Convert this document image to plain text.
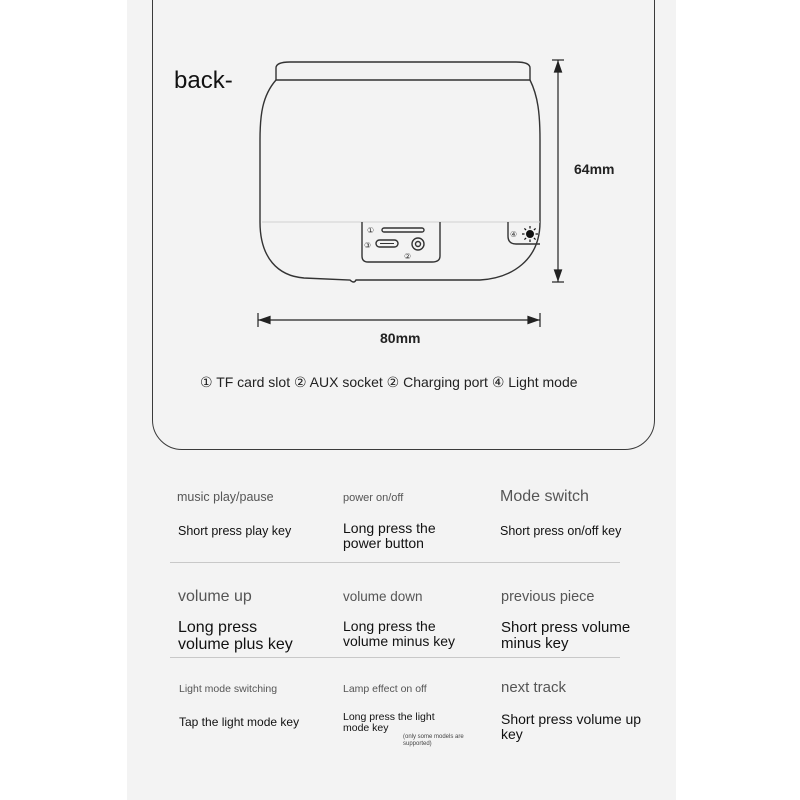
①
③
②
④
back-
64mm
80mm
① TF card slot ② AUX socket ② Charging port ④ Light mode
music play/pause
Short press play key
power on/off
Long press the power button
Mode switch
Short press on/off key
volume up
Long press volume plus key
volume down
Long press the volume minus key
previous piece
Short press volume minus key
Light mode switching
Tap the light mode key
Lamp effect on off
Long press the light mode key
(only some models are supported)
next track
Short press volume up key
